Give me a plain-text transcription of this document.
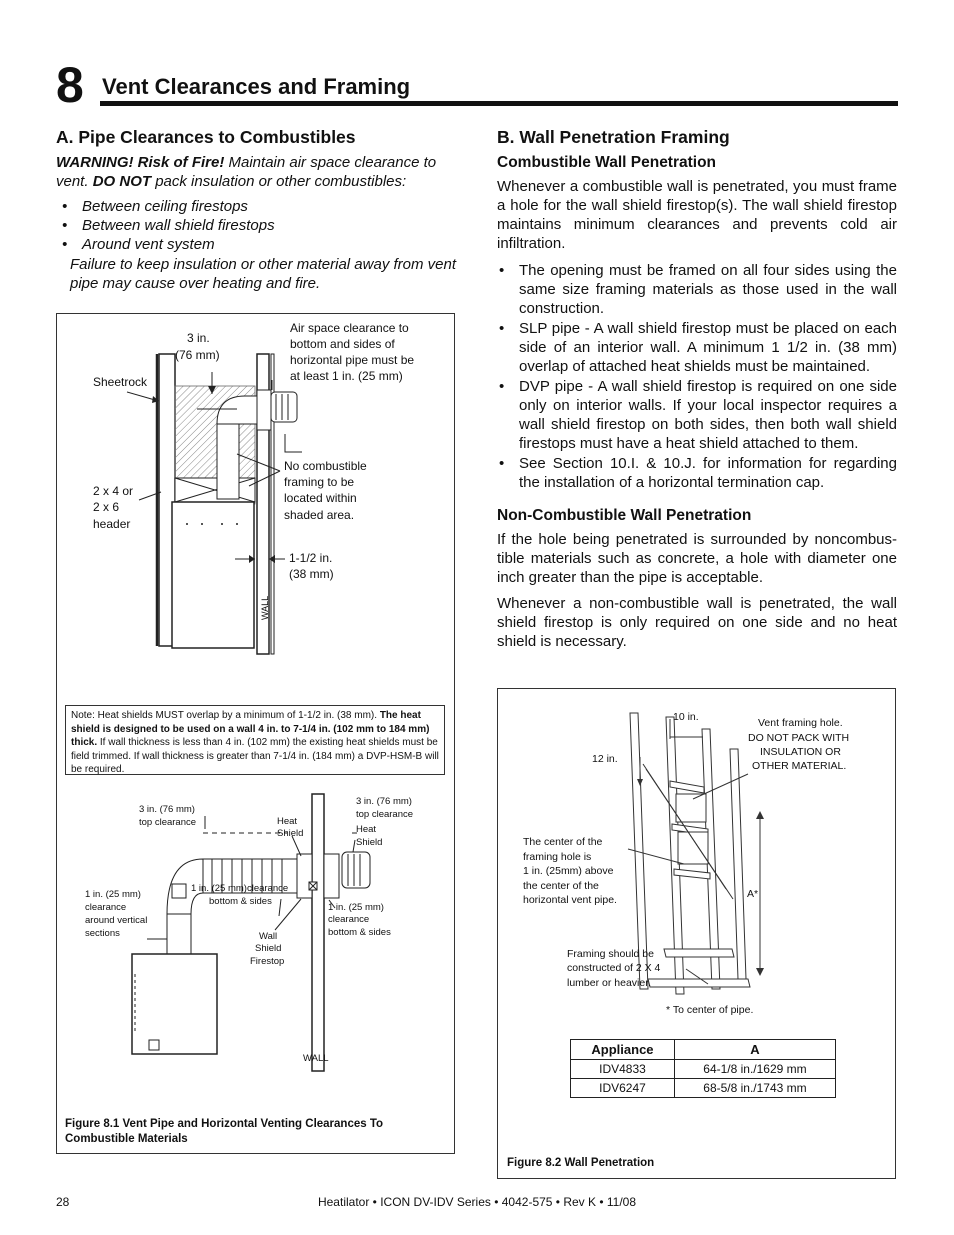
8 Vent Clearances and Framing
A. Pipe Clearances to Combustibles
WARNING! Risk of Fire! Maintain air space clearance to vent. DO NOT pack insulation or other combustibles:
• Between ceiling firestops
• Between wall shield firestops
• Around vent system
Failure to keep insulation or other material away from vent pipe may cause over heating and fire.
3 in.
(76 mm)
Air space clearance to
bottom and sides of
horizontal pipe must be
at least 1 in. (25 mm)
Sheetrock
No combustible
framing to be
located within
shaded area.
2 x 4 or
2 x 6
header
1-1/2 in.
(38 mm)
WALL
3 in. (76 mm)
top clearance	Heat
Shield
3 in. (76 mm)
top clearance
Heat
Shield
1 in. (25 mm)
clearance
around vertical
sections
1 in. (25 mm)clearance
bottom & sides
1 in. (25 mm)
clearance
bottom & sides
Wall
Shield
Firestop
WALL
Note: Heat shields MUST overlap by a minimum of 1-1/2 in. (38 mm). The heat shield is designed to be used on a wall 4 in. to 7-1/4 in. (102 mm to 184 mm) thick. If wall thickness is less than 4 in. (102 mm) the existing heat shields must be field trimmed. If wall thickness is greater than 7-1/4 in. (184 mm) a DVP-HSM-B will be required.
Figure 8.1 Vent Pipe and Horizontal Venting Clearances To Combustible Materials
B. Wall Penetration Framing
Combustible Wall Penetration
Whenever a combustible wall is penetrated, you must frame a hole for the wall shield firestop(s). The wall shield firestop maintains minimum clearances and prevents cold air infiltration.
• The opening must be framed on all four sides using the same size framing materials as those used in the wall construction.
• SLP pipe - A wall shield firestop must be placed on each side of an interior wall. A minimum 1 1/2 in. (38 mm) overlap of attached heat shields must be maintained.
• DVP pipe - A wall shield firestop is required on one side only on interior walls. If your local inspector requires a wall shield firestop on both sides, then both wall shield firestops must have a heat shield attached to them.
• See Section 10.I. & 10.J. for information for regarding the installation of a horizontal termination cap.
Non-Combustible Wall Penetration
If the hole being penetrated is surrounded by noncombus-tible materials such as concrete, a hole with diameter one inch greater than the pipe is acceptable.
Whenever a non-combustible wall is penetrated, the wall shield firestop is only required on one side and no heat shield is necessary.
10 in.
12 in.
Vent framing hole.
DO NOT PACK WITH
INSULATION OR
OTHER MATERIAL.
The center of the
framing hole is
1 in. (25mm) above
the center of the
horizontal vent pipe.	A*
Framing should be
constructed of 2 X 4
lumber or heavier.
* To center of pipe.
Appliance	A
IDV4833	64-1/8 in./1629 mm
IDV6247	68-5/8 in./1743 mm
Figure 8.2 Wall Penetration
28	Heatilator • ICON DV-IDV Series • 4042-575 • Rev K • 11/08
